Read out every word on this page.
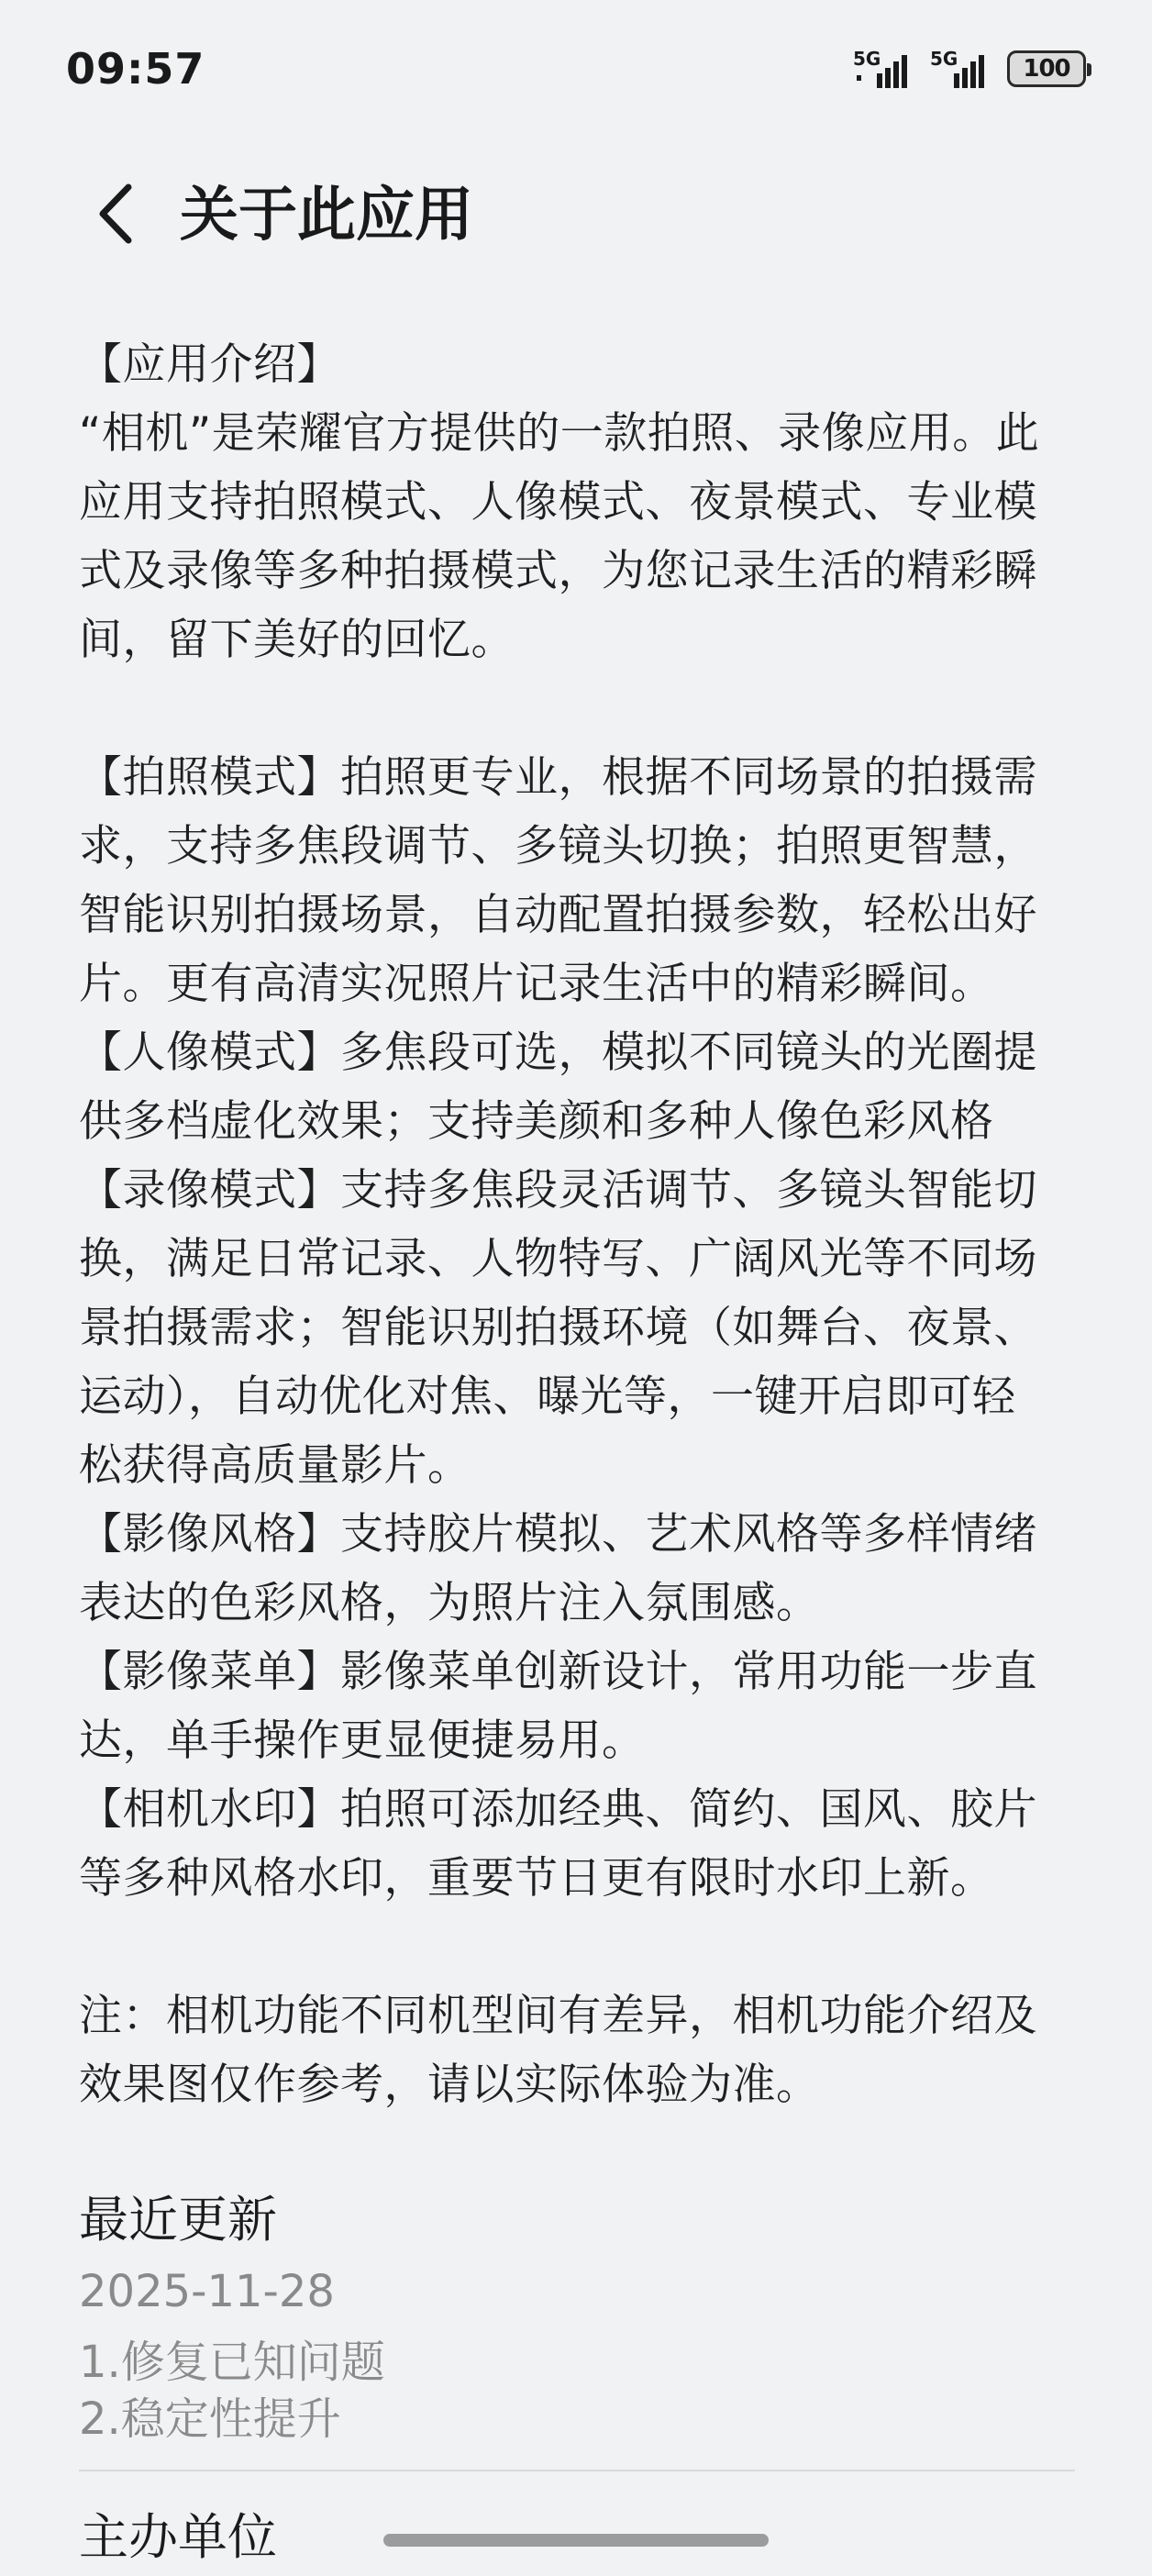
09:57	5G	5G	100
关于此应用

【应用介绍】

“相机”是荣耀官方提供的一款拍照、录像应用。此

应用支持拍照模式、人像模式、夜景模式、专业模

式及录像等多种拍摄模式，为您记录生活的精彩瞬

间，留下美好的回忆。

【拍照模式】拍照更专业，根据不同场景的拍摄需

求，支持多焦段调节、多镜头切换；拍照更智慧，

智能识别拍摄场景，自动配置拍摄参数，轻松出好

片。更有高清实况照片记录生活中的精彩瞬间。

【人像模式】多焦段可选，模拟不同镜头的光圈提

供多档虚化效果；支持美颜和多种人像色彩风格

【录像模式】支持多焦段灵活调节、多镜头智能切

换，满足日常记录、人物特写、广阔风光等不同场

景拍摄需求；智能识别拍摄环境（如舞台、夜景、

运动），自动优化对焦、曝光等，一键开启即可轻

松获得高质量影片。

【影像风格】支持胶片模拟、艺术风格等多样情绪

表达的色彩风格，为照片注入氛围感。

【影像菜单】影像菜单创新设计，常用功能一步直

达，单手操作更显便捷易用。

【相机水印】拍照可添加经典、简约、国风、胶片

等多种风格水印，重要节日更有限时水印上新。

注：相机功能不同机型间有差异，相机功能介绍及

效果图仅作参考，请以实际体验为准。

最近更新

2025-11-28

1.修复已知问题

2.稳定性提升

主办单位
